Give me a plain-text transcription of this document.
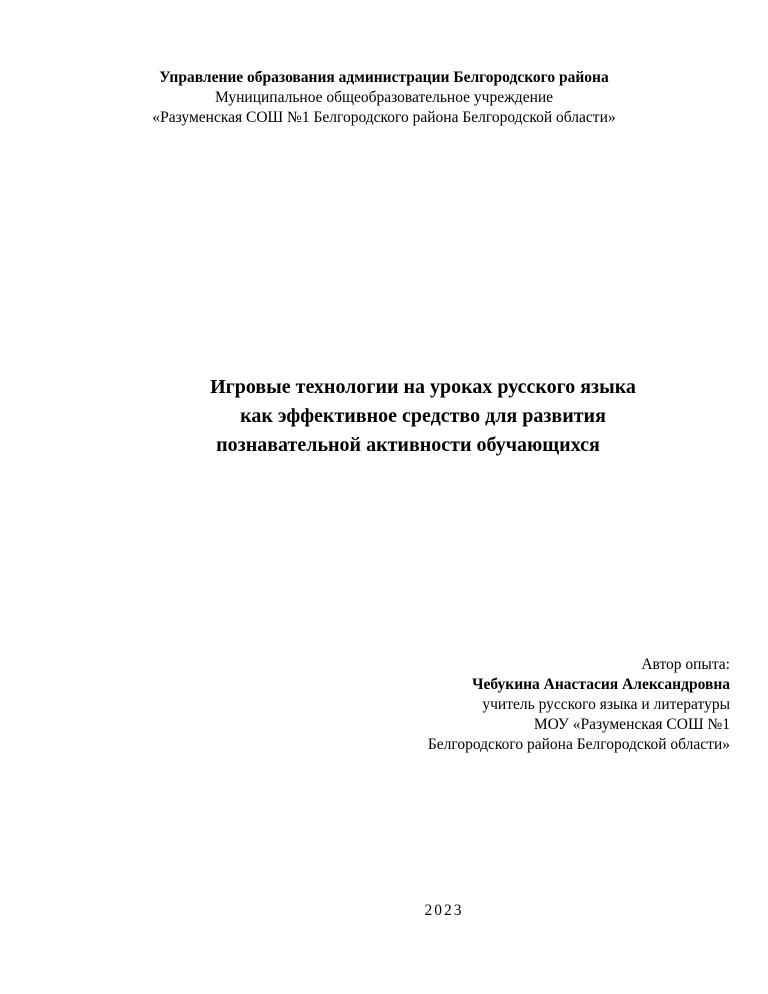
Управление образования администрации Белгородского района
Муниципальное общеобразовательное учреждение
«Разуменская СОШ №1 Белгородского района Белгородской области»
Игровые технологии на уроках русского языка
как эффективное средство для развития
познавательной активности обучающихся
Автор опыта:
Чебукина Анастасия Александровна
учитель русского языка и литературы
МОУ «Разуменская СОШ №1
Белгородского района Белгородской области»
2023
